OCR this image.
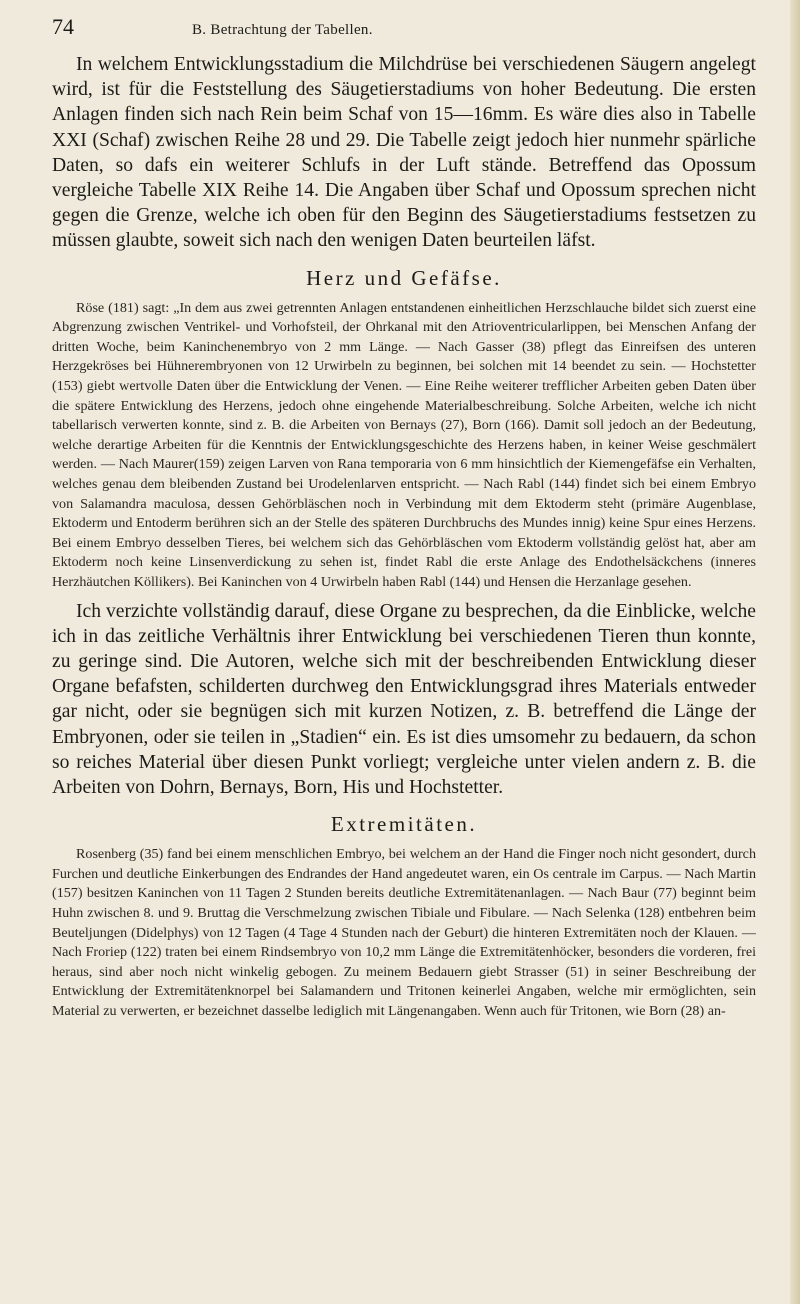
74	B. Betrachtung der Tabellen.

In welchem Entwicklungsstadium die Milchdrüse bei verschiedenen Säugern angelegt wird, ist für die Feststellung des Säugetierstadiums von hoher Bedeutung. Die ersten Anlagen finden sich nach Rein beim Schaf von 15—16mm. Es wäre dies also in Tabelle XXI (Schaf) zwischen Reihe 28 und 29. Die Tabelle zeigt jedoch hier nunmehr spärliche Daten, so dafs ein weiterer Schlufs in der Luft stände. Betreffend das Opossum vergleiche Tabelle XIX Reihe 14. Die Angaben über Schaf und Opossum sprechen nicht gegen die Grenze, welche ich oben für den Beginn des Säugetierstadiums festsetzen zu müssen glaubte, soweit sich nach den wenigen Daten beurteilen läfst.

Herz und Gefäfse.

Röse (181) sagt: „In dem aus zwei getrennten Anlagen entstandenen einheitlichen Herzschlauche bildet sich zuerst eine Abgrenzung zwischen Ventrikel- und Vorhofsteil, der Ohrkanal mit den Atrioventricularlippen, bei Menschen Anfang der dritten Woche, beim Kaninchenembryo von 2 mm Länge. — Nach Gasser (38) pflegt das Einreifsen des unteren Herzgekröses bei Hühnerembryonen von 12 Urwirbeln zu beginnen, bei solchen mit 14 beendet zu sein. — Hochstetter (153) giebt wertvolle Daten über die Entwicklung der Venen. — Eine Reihe weiterer trefflicher Arbeiten geben Daten über die spätere Entwicklung des Herzens, jedoch ohne eingehende Materialbeschreibung. Solche Arbeiten, welche ich nicht tabellarisch verwerten konnte, sind z. B. die Arbeiten von Bernays (27), Born (166). Damit soll jedoch an der Bedeutung, welche derartige Arbeiten für die Kenntnis der Entwicklungsgeschichte des Herzens haben, in keiner Weise geschmälert werden. — Nach Maurer(159) zeigen Larven von Rana temporaria von 6 mm hinsichtlich der Kiemengefäfse ein Verhalten, welches genau dem bleibenden Zustand bei Urodelenlarven entspricht. — Nach Rabl (144) findet sich bei einem Embryo von Salamandra maculosa, dessen Gehörbläschen noch in Verbindung mit dem Ektoderm steht (primäre Augenblase, Ektoderm und Entoderm berühren sich an der Stelle des späteren Durchbruchs des Mundes innig) keine Spur eines Herzens. Bei einem Embryo desselben Tieres, bei welchem sich das Gehörbläschen vom Ektoderm vollständig gelöst hat, aber am Ektoderm noch keine Linsenverdickung zu sehen ist, findet Rabl die erste Anlage des Endothelsäckchens (inneres Herzhäutchen Köllikers). Bei Kaninchen von 4 Urwirbeln haben Rabl (144) und Hensen die Herzanlage gesehen.

Ich verzichte vollständig darauf, diese Organe zu besprechen, da die Einblicke, welche ich in das zeitliche Verhältnis ihrer Entwicklung bei verschiedenen Tieren thun konnte, zu geringe sind. Die Autoren, welche sich mit der beschreibenden Entwicklung dieser Organe befafsten, schilderten durchweg den Entwicklungsgrad ihres Materials entweder gar nicht, oder sie begnügen sich mit kurzen Notizen, z. B. betreffend die Länge der Embryonen, oder sie teilen in „Stadien“ ein. Es ist dies umsomehr zu bedauern, da schon so reiches Material über diesen Punkt vorliegt; vergleiche unter vielen andern z. B. die Arbeiten von Dohrn, Bernays, Born, His und Hochstetter.

Extremitäten.

Rosenberg (35) fand bei einem menschlichen Embryo, bei welchem an der Hand die Finger noch nicht gesondert, durch Furchen und deutliche Einkerbungen des Endrandes der Hand angedeutet waren, ein Os centrale im Carpus. — Nach Martin (157) besitzen Kaninchen von 11 Tagen 2 Stunden bereits deutliche Extremitätenanlagen. — Nach Baur (77) beginnt beim Huhn zwischen 8. und 9. Bruttag die Verschmelzung zwischen Tibiale und Fibulare. — Nach Selenka (128) entbehren beim Beuteljungen (Didelphys) von 12 Tagen (4 Tage 4 Stunden nach der Geburt) die hinteren Extremitäten noch der Klauen. — Nach Froriep (122) traten bei einem Rindsembryo von 10,2 mm Länge die Extremitätenhöcker, besonders die vorderen, frei heraus, sind aber noch nicht winkelig gebogen. Zu meinem Bedauern giebt Strasser (51) in seiner Beschreibung der Entwicklung der Extremitätenknorpel bei Salamandern und Tritonen keinerlei Angaben, welche mir ermöglichten, sein Material zu verwerten, er bezeichnet dasselbe lediglich mit Längenangaben. Wenn auch für Tritonen, wie Born (28) an-
